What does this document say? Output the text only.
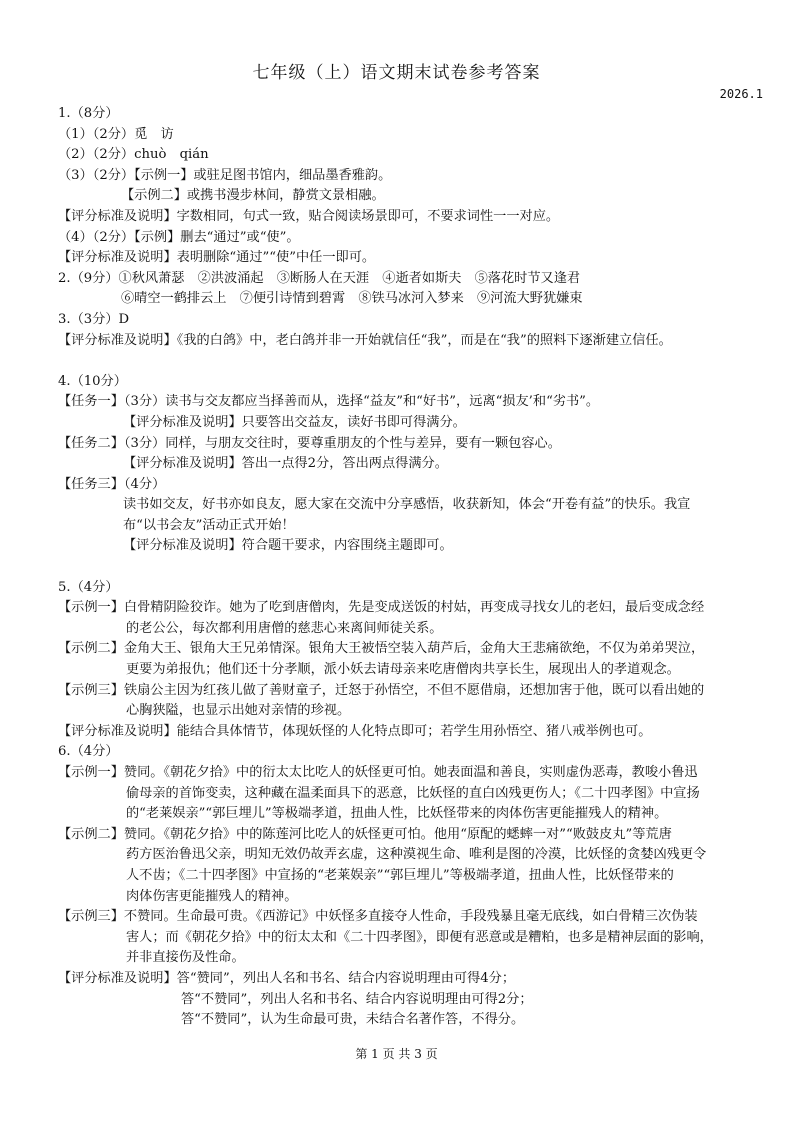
七年级（上）语文期末试卷参考答案
2026.1
1.（8分）
（1）（2分）觅　访
（2）（2分）chuò　qián
（3）（2分）【示例一】或驻足图书馆内，细品墨香雅韵。
【示例二】或携书漫步林间，静赏文景相融。
【评分标准及说明】字数相同，句式一致，贴合阅读场景即可，不要求词性一一对应。
（4）（2分）【示例】删去“通过”或“使”。
【评分标准及说明】表明删除“通过”“使”中任一即可。
2.（9分）①秋风萧瑟　②洪波涌起　③断肠人在天涯　④逝者如斯夫　⑤落花时节又逢君
⑥晴空一鹤排云上　⑦便引诗情到碧霄　⑧铁马冰河入梦来　⑨河流大野犹嫌束
3.（3分）D
【评分标准及说明】《我的白鸽》中，老白鸽并非一开始就信任“我”，而是在“我”的照料下逐渐建立信任。
4.（10分）
【任务一】（3分）读书与交友都应当择善而从，选择“益友”和“好书”，远离“损友’和“劣书”。
【评分标准及说明】只要答出交益友，读好书即可得满分。
【任务二】（3分）同样，与朋友交往时，要尊重朋友的个性与差异，要有一颗包容心。
【评分标准及说明】答出一点得2分，答出两点得满分。
【任务三】（4分）
读书如交友，好书亦如良友，愿大家在交流中分享感悟，收获新知，体会“开卷有益”的快乐。我宣
布“以书会友”活动正式开始！
【评分标准及说明】符合题干要求，内容围绕主题即可。
5.（4分）
【示例一】白骨精阴险狡诈。她为了吃到唐僧肉，先是变成送饭的村姑，再变成寻找女儿的老妇，最后变成念经
的老公公，每次都利用唐僧的慈悲心来离间师徒关系。
【示例二】金角大王、银角大王兄弟情深。银角大王被悟空装入葫芦后，金角大王悲痛欲绝，不仅为弟弟哭泣，
更要为弟报仇；他们还十分孝顺，派小妖去请母亲来吃唐僧肉共享长生，展现出人的孝道观念。
【示例三】铁扇公主因为红孩儿做了善财童子，迁怒于孙悟空，不但不愿借扇，还想加害于他，既可以看出她的
心胸狭隘，也显示出她对亲情的珍视。
【评分标准及说明】能结合具体情节，体现妖怪的人化特点即可；若学生用孙悟空、猪八戒举例也可。
6.（4分）
【示例一】赞同。《朝花夕拾》中的衍太太比吃人的妖怪更可怕。她表面温和善良，实则虚伪恶毒，教唆小鲁迅
偷母亲的首饰变卖，这种藏在温柔面具下的恶意，比妖怪的直白凶残更伤人；《二十四孝图》中宣扬
的“老莱娱亲”“郭巨埋儿”等极端孝道，扭曲人性，比妖怪带来的肉体伤害更能摧残人的精神。
【示例二】赞同。《朝花夕拾》中的陈莲河比吃人的妖怪更可怕。他用“原配的蟋蟀一对”“败鼓皮丸”等荒唐
药方医治鲁迅父亲，明知无效仍故弄玄虚，这种漠视生命、唯利是图的冷漠，比妖怪的贪婪凶残更令
人不齿；《二十四孝图》中宣扬的“老莱娱亲”“郭巨埋儿”等极端孝道，扭曲人性，比妖怪带来的
肉体伤害更能摧残人的精神。
【示例三】不赞同。生命最可贵。《西游记》中妖怪多直接夺人性命，手段残暴且毫无底线，如白骨精三次伪装
害人；而《朝花夕拾》中的衍太太和《二十四孝图》，即便有恶意或是糟粕，也多是精神层面的影响，
并非直接伤及性命。
【评分标准及说明】答“赞同”，列出人名和书名、结合内容说明理由可得4分；
答“不赞同”，列出人名和书名、结合内容说明理由可得2分；
答“不赞同”，认为生命最可贵，未结合名著作答，不得分。
第 1 页 共 3 页
